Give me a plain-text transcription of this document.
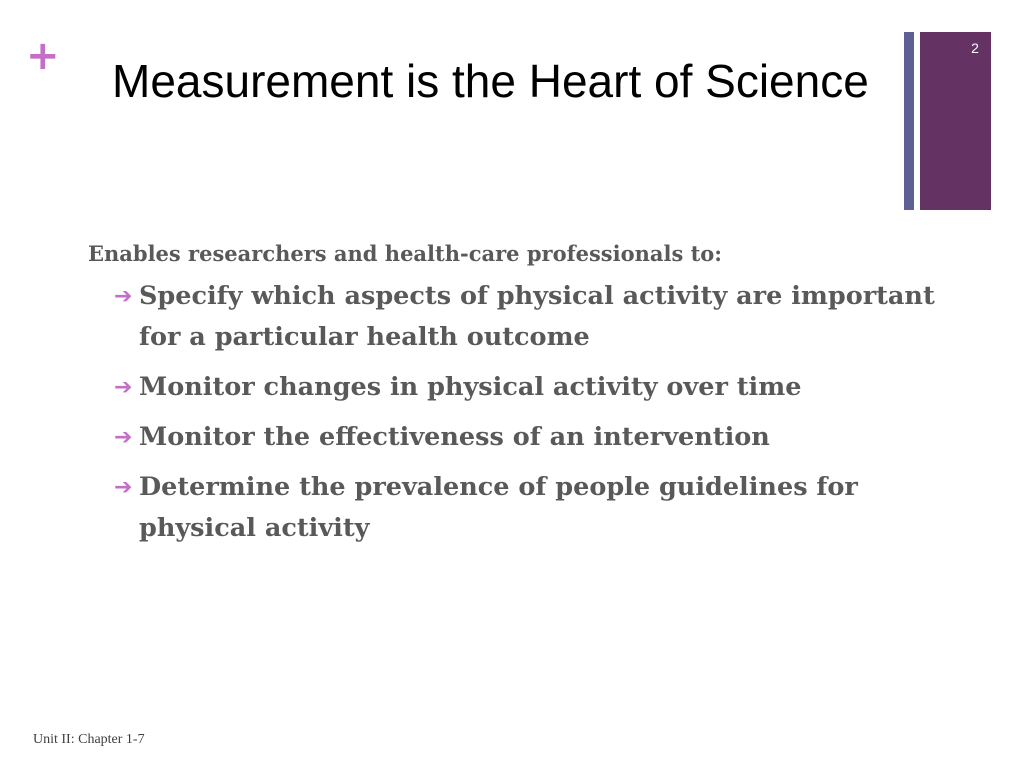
+	2
Measurement is the Heart of Science

Enables researchers and health-care professionals to:

➔ Specify which aspects of physical activity are important for a particular health outcome
➔ Monitor changes in physical activity over time
➔ Monitor the effectiveness of an intervention
➔ Determine the prevalence of people guidelines for physical activity
Unit II: Chapter 1-7
